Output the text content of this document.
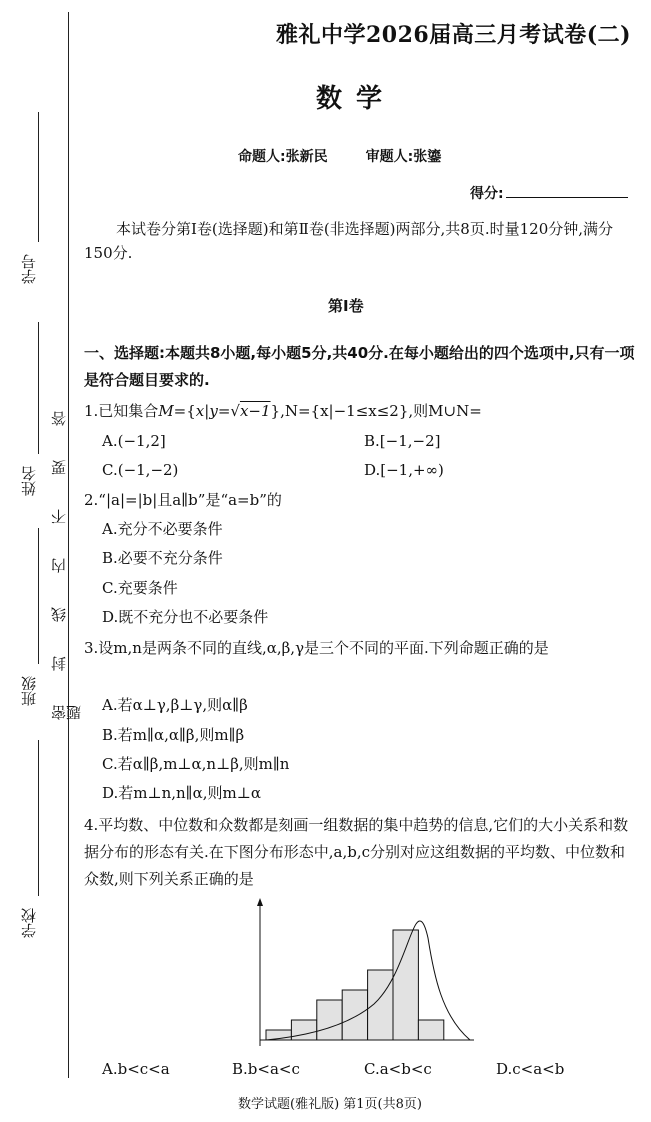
学号
姓名
班级
学校
密封线内不要答题
雅礼中学2026届高三月考试卷(二)
数学
命题人:张新民	审题人:张鎏
得分:
本试卷分第Ⅰ卷(选择题)和第Ⅱ卷(非选择题)两部分,共8页.时量120分钟,满分150分.
第Ⅰ卷
一、选择题:本题共8小题,每小题5分,共40分.在每小题给出的四个选项中,只有一项是符合题目要求的.
1.已知集合M={x|y=√x−1},N={x|−1≤x≤2},则M∪N=
A.(−1,2]	B.[−1,−2]
C.(−1,−2)	D.[−1,+∞)
2.“|a|=|b|且a∥b”是“a=b”的
A.充分不必要条件
B.必要不充分条件
C.充要条件
D.既不充分也不必要条件
3.设m,n是两条不同的直线,α,β,γ是三个不同的平面.下列命题正确的是
A.若α⊥γ,β⊥γ,则α∥β
B.若m∥α,α∥β,则m∥β
C.若α∥β,m⊥α,n⊥β,则m∥n
D.若m⊥n,n∥α,则m⊥α
4.平均数、中位数和众数都是刻画一组数据的集中趋势的信息,它们的大小关系和数据分布的形态有关.在下图分布形态中,a,b,c分别对应这组数据的平均数、中位数和众数,则下列关系正确的是
A.b<c<a	B.b<a<c	C.a<b<c	D.c<a<b
数学试题(雅礼版) 第1页(共8页)
